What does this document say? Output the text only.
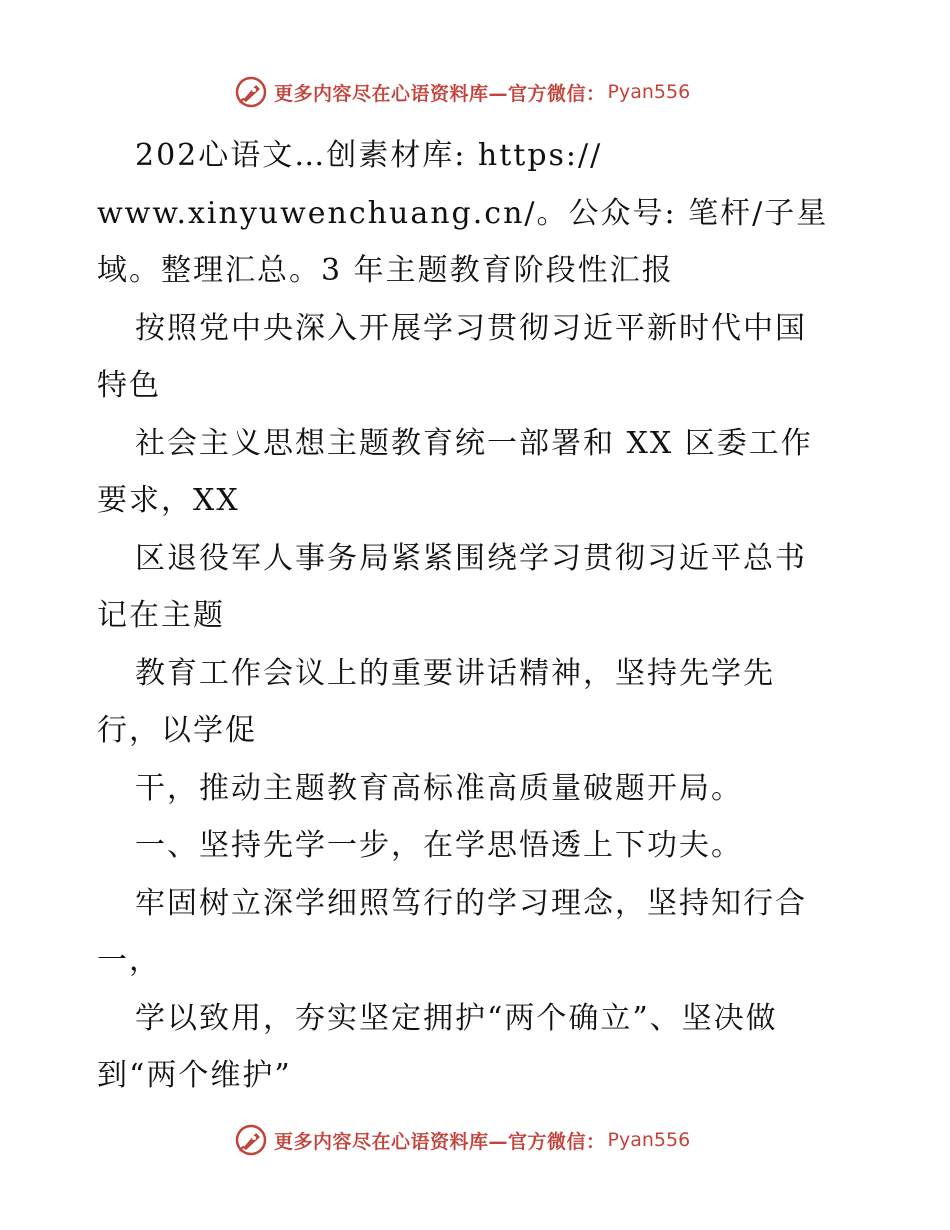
更多内容尽在心语资料库—官方微信： Pyan556
202心语文…创素材库: https://
www.xinyuwenchuang.cn/。公众号: 笔杆/子星
域。整理汇总。3 年主题教育阶段性汇报
按照党中央深入开展学习贯彻习近平新时代中国
特色
社会主义思想主题教育统一部署和 XX 区委工作
要求，XX
区退役军人事务局紧紧围绕学习贯彻习近平总书
记在主题
教育工作会议上的重要讲话精神，坚持先学先
行，以学促
干，推动主题教育高标准高质量破题开局。
一、坚持先学一步，在学思悟透上下功夫。
牢固树立深学细照笃行的学习理念，坚持知行合
一，
学以致用，夯实坚定拥护“两个确立”、坚决做
到“两个维护”
更多内容尽在心语资料库—官方微信： Pyan556
